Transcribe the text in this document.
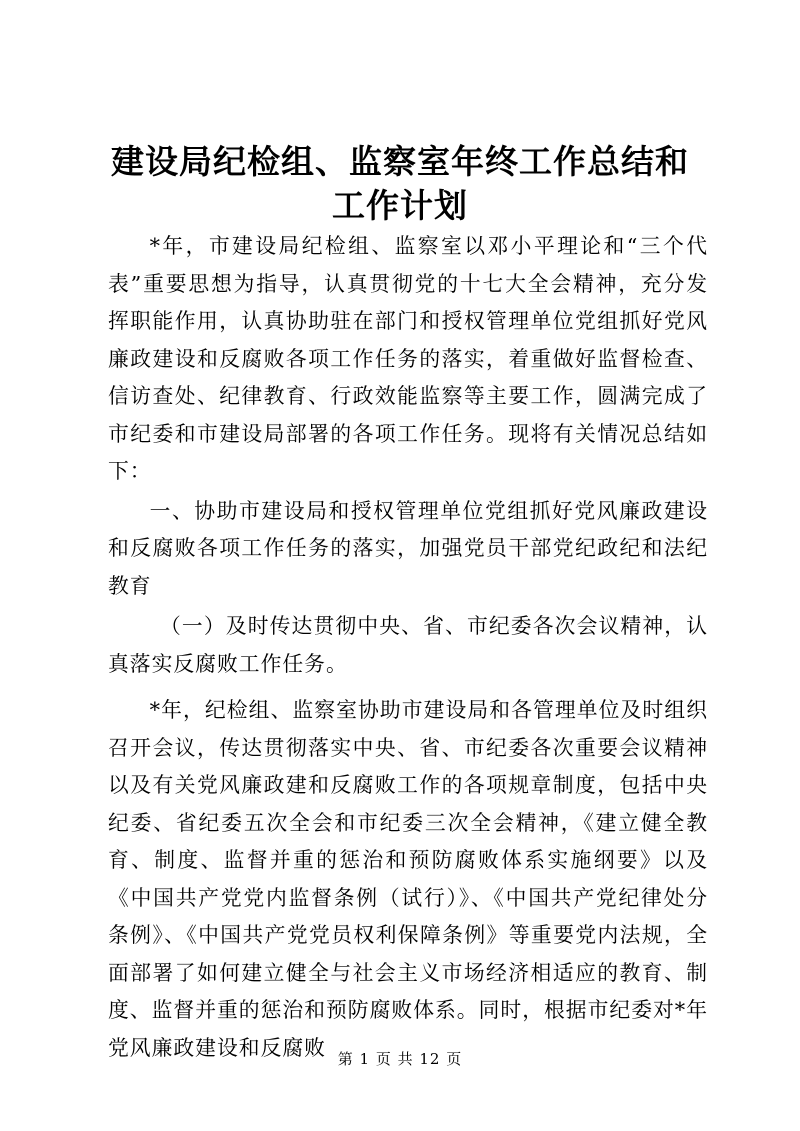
建设局纪检组、监察室年终工作总结和工作计划

*年，市建设局纪检组、监察室以邓小平理论和“三个代表”重要思想为指导，认真贯彻党的十七大全会精神，充分发挥职能作用，认真协助驻在部门和授权管理单位党组抓好党风廉政建设和反腐败各项工作任务的落实，着重做好监督检查、信访查处、纪律教育、行政效能监察等主要工作，圆满完成了市纪委和市建设局部署的各项工作任务。现将有关情况总结如下：

一、协助市建设局和授权管理单位党组抓好党风廉政建设和反腐败各项工作任务的落实，加强党员干部党纪政纪和法纪教育

（一）及时传达贯彻中央、省、市纪委各次会议精神，认真落实反腐败工作任务。

*年，纪检组、监察室协助市建设局和各管理单位及时组织召开会议，传达贯彻落实中央、省、市纪委各次重要会议精神以及有关党风廉政建和反腐败工作的各项规章制度，包括中央纪委、省纪委五次全会和市纪委三次全会精神，《建立健全教育、制度、监督并重的惩治和预防腐败体系实施纲要》以及《中国共产党党内监督条例（试行）》、《中国共产党纪律处分条例》、《中国共产党党员权利保障条例》等重要党内法规，全面部署了如何建立健全与社会主义市场经济相适应的教育、制度、监督并重的惩治和预防腐败体系。同时，根据市纪委对*年党风廉政建设和反腐败 第 1 页 共 12 页
